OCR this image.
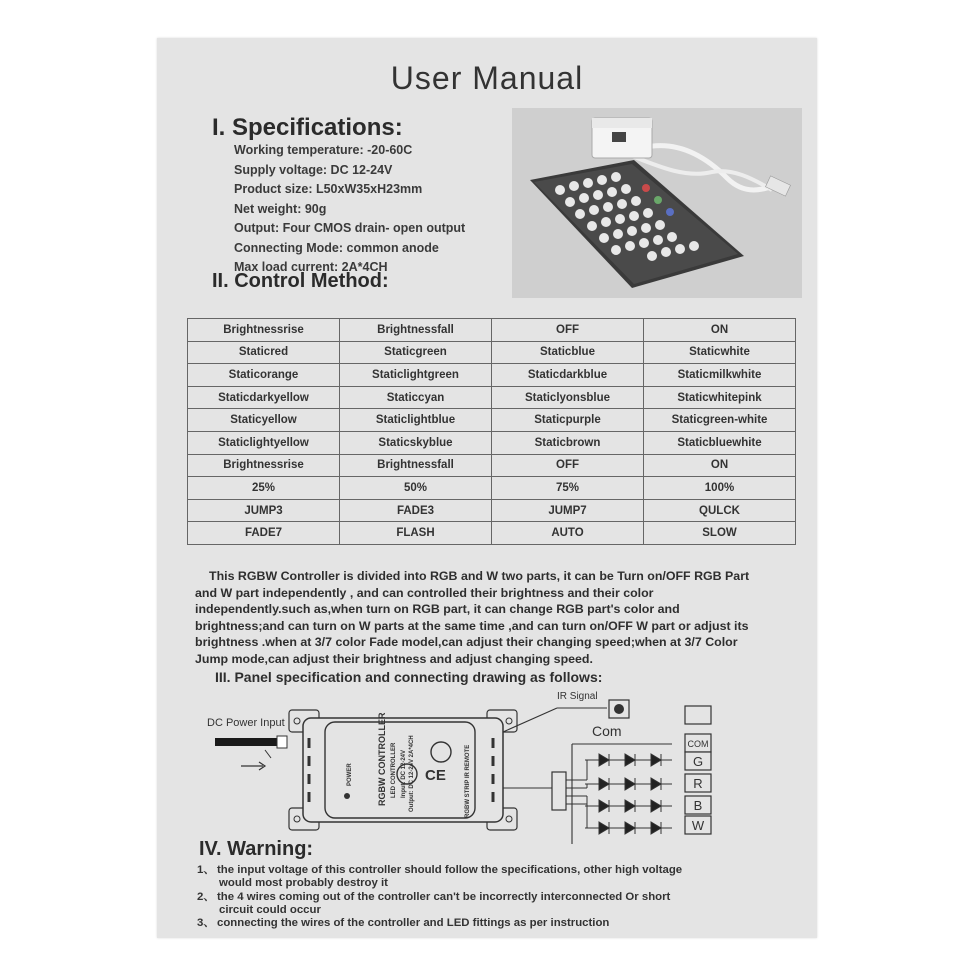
User Manual
I. Specifications:
Working temperature: -20-60C
Supply voltage: DC 12-24V
Product size: L50xW35xH23mm
Net weight: 90g
Output: Four CMOS drain- open output
Connecting Mode: common anode
Max load current: 2A*4CH
II. Control Method:
Brightnessrise	Brightnessfall	OFF	ON
Staticred	Staticgreen	Staticblue	Staticwhite
Staticorange	Staticlightgreen	Staticdarkblue	Staticmilkwhite
Staticdarkyellow	Staticcyan	Staticlyonsblue	Staticwhitepink
Staticyellow	Staticlightblue	Staticpurple	Staticgreen-white
Staticlightyellow	Staticskyblue	Staticbrown	Staticbluewhite
Brightnessrise	Brightnessfall	OFF	ON
25%	50%	75%	100%
JUMP3	FADE3	JUMP7	QULCK
FADE7	FLASH	AUTO	SLOW
This RGBW Controller is divided into RGB and W two parts, it can be Turn on/OFF RGB Part
and W part independently , and can controlled their brightness and their color
independently.such as,when turn on RGB part, it can change RGB part's color and
brightness;and can turn on W parts at the same time ,and can turn on/OFF W part or adjust its
brightness .when at 3/7 color Fade model,can adjust their changing speed;when at 3/7 Color
Jump mode,can adjust their brightness and adjust changing speed.
III. Panel specification and connecting drawing as follows:
RGBW CONTROLLER LED CONTROLLER Input: DC 12-24V Output: DC 12-24V 2A*4CH
POWER	RGBW STRIP IR REMOTE
CE
DC Power Input
IR Signal
Com
COM
G
R
B
W
IV. Warning:
1、 the input voltage of this controller should follow the specifications, other high voltage
would most probably destroy it
2、 the 4 wires coming out of the controller can't be incorrectly interconnected Or short
circuit could occur
3、 connecting the wires of the controller and LED fittings as per instruction
